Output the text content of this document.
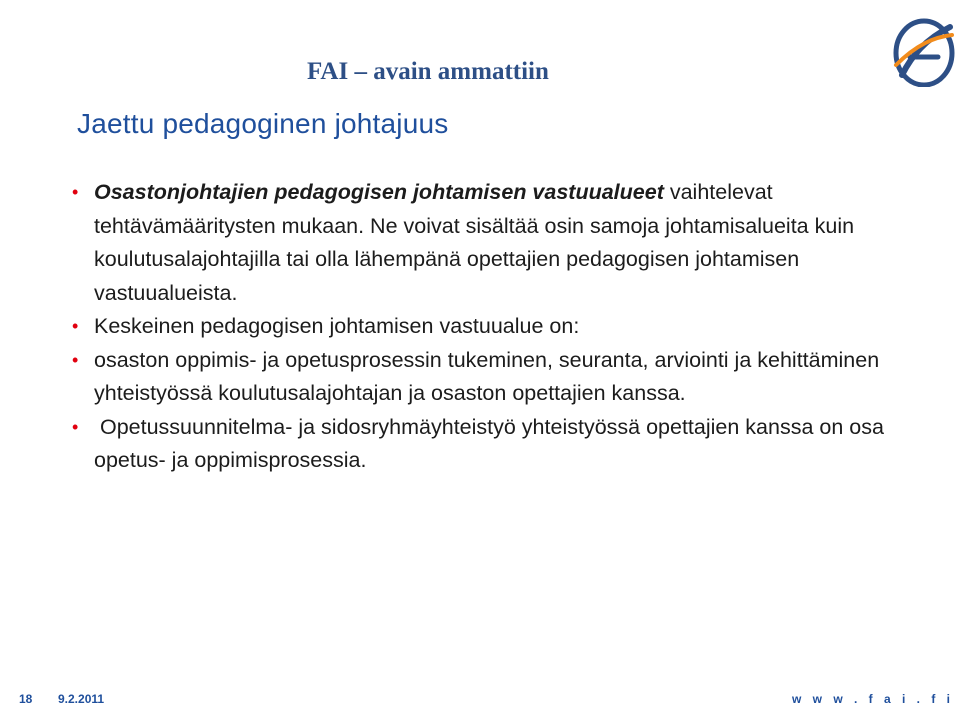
FAI – avain ammattiin
Jaettu pedagoginen johtajuus
• Osastonjohtajien pedagogisen johtamisen vastuualueet vaihtelevat tehtävämääritysten mukaan. Ne voivat sisältää osin samoja johtamisalueita kuin koulutusalajohtajilla tai olla lähempänä opettajien pedagogisen johtamisen vastuualueista.
• Keskeinen pedagogisen johtamisen vastuualue on:
• osaston oppimis- ja opetusprosessin tukeminen, seuranta, arviointi ja kehittäminen yhteistyössä koulutusalajohtajan ja osaston opettajien kanssa.
• Opetussuunnitelma- ja sidosryhmäyhteistyö yhteistyössä opettajien kanssa on osa opetus- ja oppimisprosessia.
18 9.2.2011	w w w . f a i . f i
